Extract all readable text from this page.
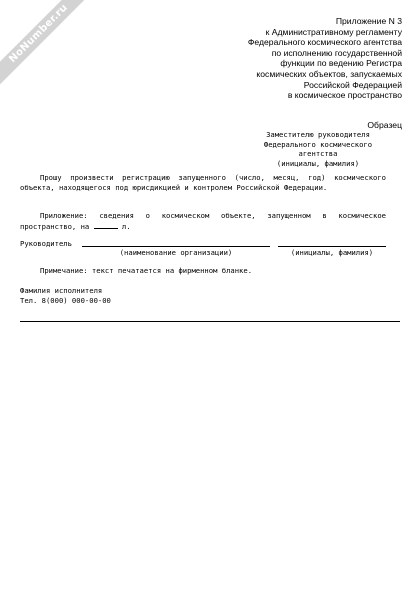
NoNumber.ru	Приложение N 3
к Административному регламенту
Федерального космического агентства
по исполнению государственной
функции по ведению Регистра
космических объектов, запускаемых
Российской Федерацией
в космическое пространство
Образец
Заместителю руководителя
Федерального космического
агентства
(инициалы, фамилия)
Прошу произвести регистрацию запущенного (число, месяц, год) космического объекта, находящегося под юрисдикцией и контролем Российской Федерации.
Приложение: сведения о космическом объекте, запущенном в космическое пространство, на	л.
Руководитель
(наименование организации)	(инициалы, фамилия)
Примечание: текст печатается на фирменном бланке.
Фамилия исполнителя
Тел. 8(000) 000-00-00
